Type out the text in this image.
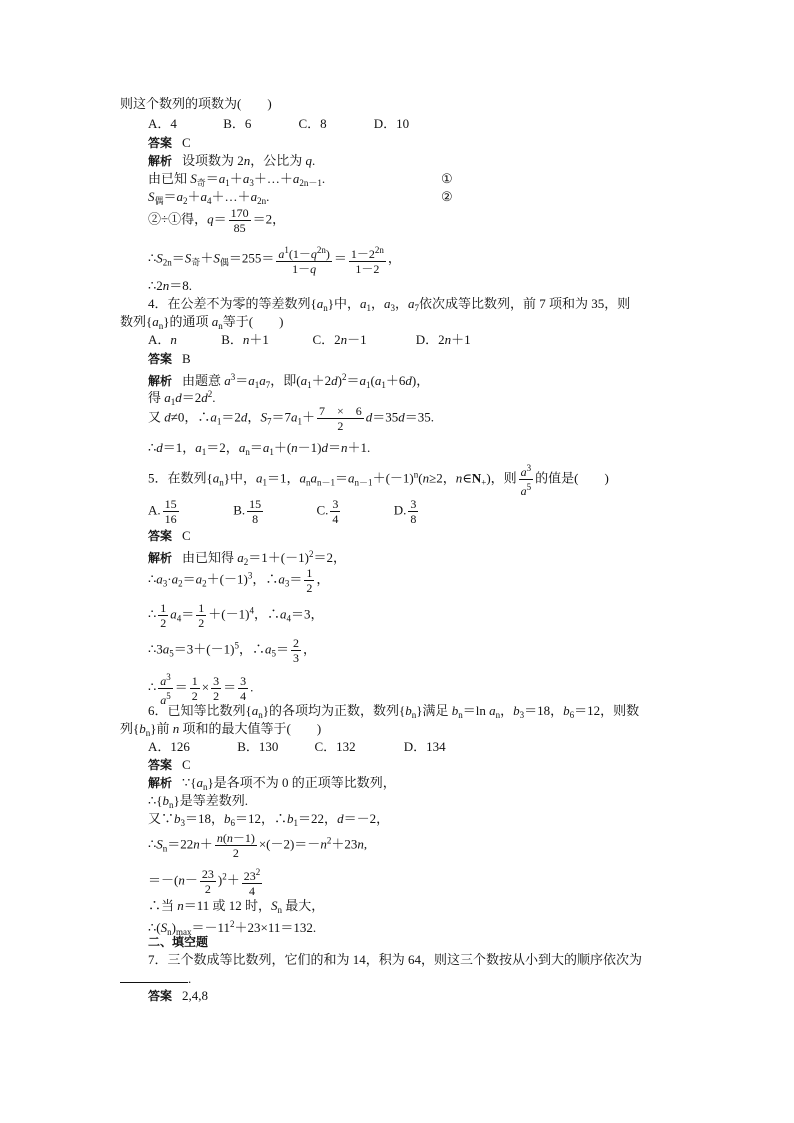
则这个数列的项数为(　　)
A．4	B．6	C．8	D．10
答案 C
解析 设项数为 2n，公比为 q.
由已知 $S_奇=a_1+a_3+\dots+a_{2n-1}$.	①
$S_偶=a_2+a_4+\dots+a_{2n}$.	②
②÷①得，$q= \frac{170}{85} =2$，
$\therefore S_{2n}=S_奇+S_偶=255= \frac{a^1(1-q^{2n})}{1-q} = \frac{1-2^{2n}}{1-2}$ ，
∴2n＝8.
4．在公差不为零的等差数列$\{a_n\}$中，$a_1$，$a_3$，$a_7$依次成等比数列，前 7 项和为 35，则
数列$\{a_n\}$的通项 $a_n$等于(　　)
A．n	B．n＋1	C．2n－1	D．2n＋1
答案 B
解析 由题意 $a^3=a_1a_7$，即$(a_1+2d)^2=a_1(a_1+6d)$，
得 $a_1d=2d^2$.
又 d≠0，$\therefore a_1=2d$，$S_7=7a_1+ \frac{7 \times 6}{2} d=35d=35$.
∴d＝1，$a_1=2$，$a_n=a_1+(n-1)d=n+1$.
5．在数列$\{a_n\}$中，$a_1=1$，$a_na_{n-1}=a_{n-1}+(-1)^n(n\ge 2$，$n\in N_+$)，则 $\frac{a^3}{a^5}$ 的值是(　　)
A. $\frac{15}{16}$	B. $\frac{15}{8}$	C. $\frac{3}{4}$	D. $\frac{3}{8}$
答案 C
解析 由已知得 $a_2=1+(-1)^2=2$，
$\therefore a_3\cdot a_2=a_2+(-1)^3$，$\therefore a_3= \frac{1}{2}$ ，
∴ $\frac{1}{2} a_4= \frac{1}{2} +(-1)^4$，$\therefore a_4=3$，
$\therefore 3a_5=3+(-1)^5$，$\therefore a_5= \frac{2}{3}$ ，
∴ $\frac{a^3}{a^5} = \frac{1}{2} \times \frac{3}{2} = \frac{3}{4}$ .
6．已知等比数列$\{a_n\}$的各项均为正数，数列$\{b_n\}$满足 $b_n=\ln$ $a_n$，$b_3=18$，$b_6=12$，则数
列$\{b_n\}$前 n 项和的最大值等于(　　)
A．126	B．130	C．132	D．134
答案 C
解析 $\because\{a_n\}$是各项不为 0 的正项等比数列，
$\therefore\{b_n\}$是等差数列.
又$\because b_3=18$，$b_6=12$，$\therefore b_1=22$，d＝－2，
$\therefore S_n=22n+ \frac{n(n-1)}{2} \times(-2)=-n^2+23n$,
$=-(n- \frac{23}{2} )^2+ \frac{23^2}{4}$
∴当 n＝11 或 12 时，$S_n$ 最大，
$\therefore(S_n)_{max}=-11^2+23\times 11=132$.
二、填空题
7．三个数成等比数列，它们的和为 14，积为 64，则这三个数按从小到大的顺序依次为
.
答案 2,4,8
